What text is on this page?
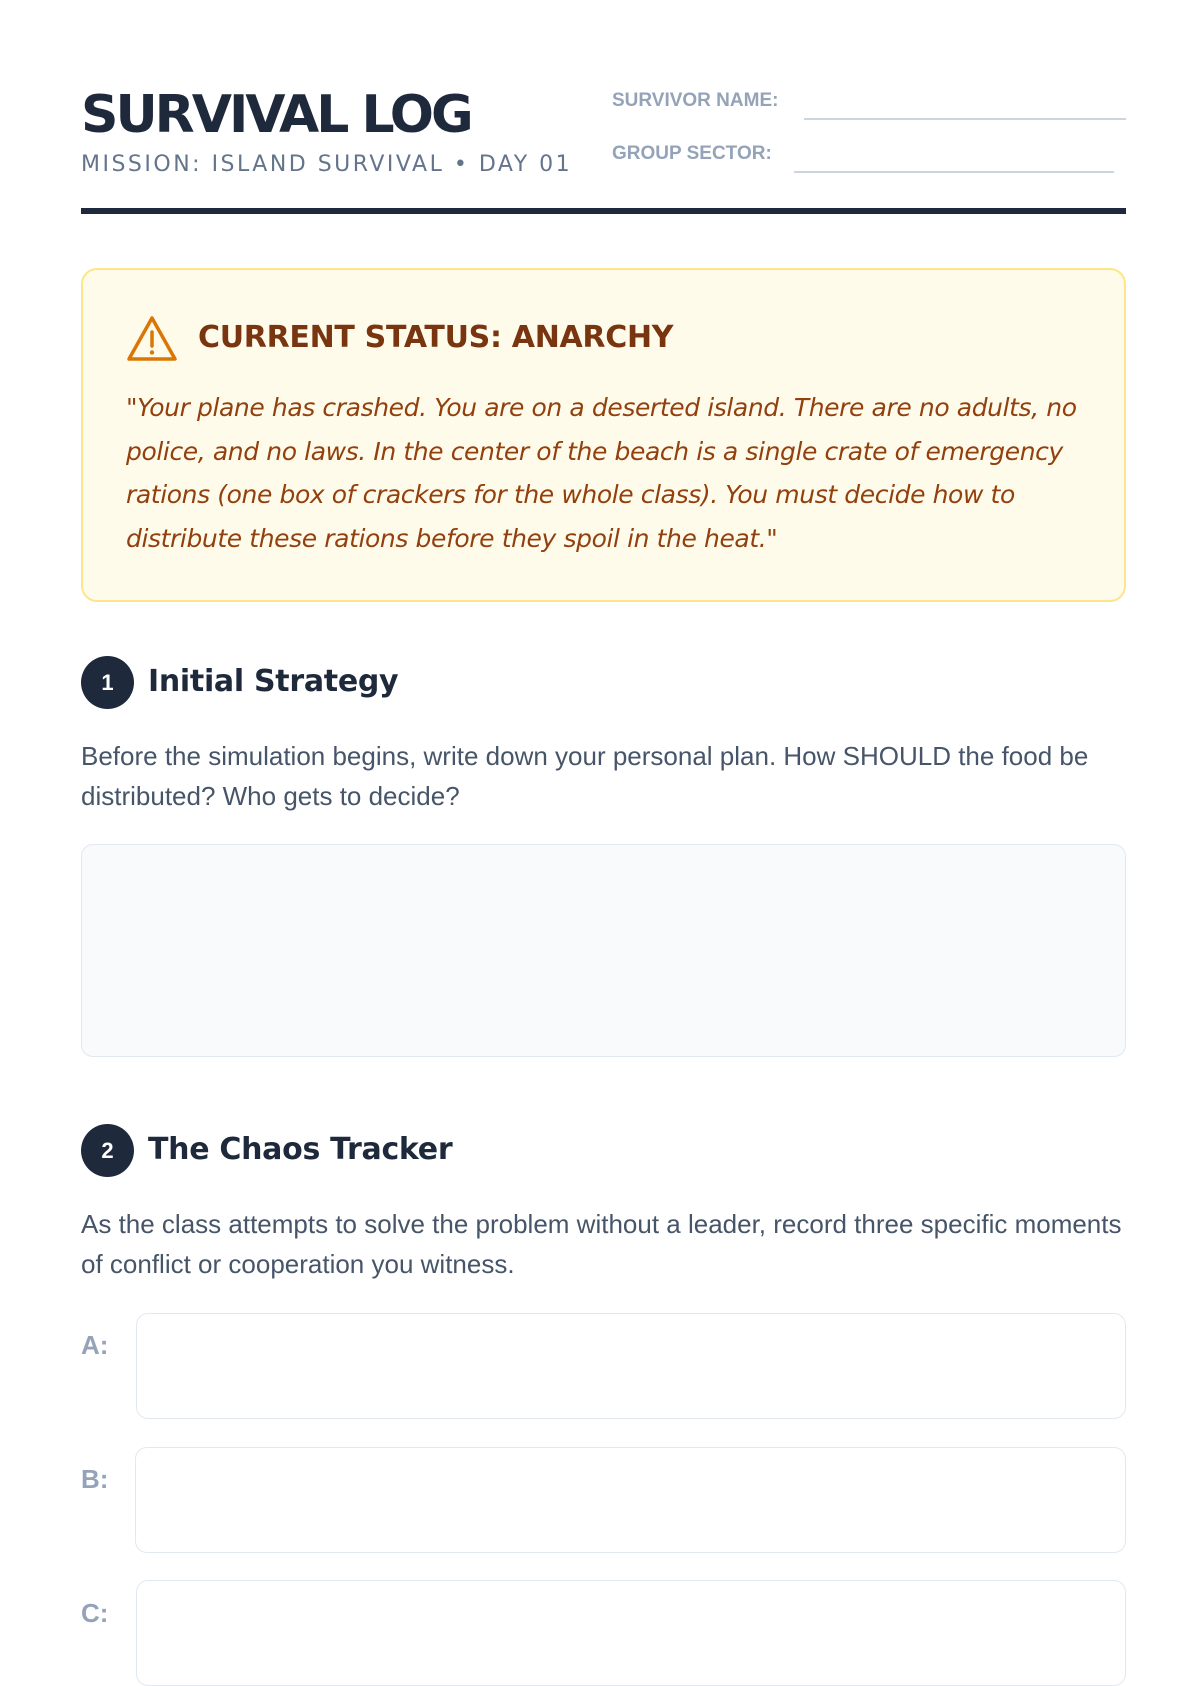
SURVIVAL LOG
MISSION: ISLAND SURVIVAL • DAY 01
SURVIVOR NAME:
GROUP SECTOR:
CURRENT STATUS: ANARCHY
"Your plane has crashed. You are on a deserted island. There are no adults, no police, and no laws. In the center of the beach is a single crate of emergency rations (one box of crackers for the whole class). You must decide how to distribute these rations before they spoil in the heat."
1	Initial Strategy
Before the simulation begins, write down your personal plan. How SHOULD the food be distributed? Who gets to decide?
2	The Chaos Tracker
As the class attempts to solve the problem without a leader, record three specific moments of conflict or cooperation you witness.
A:
B:
C:
